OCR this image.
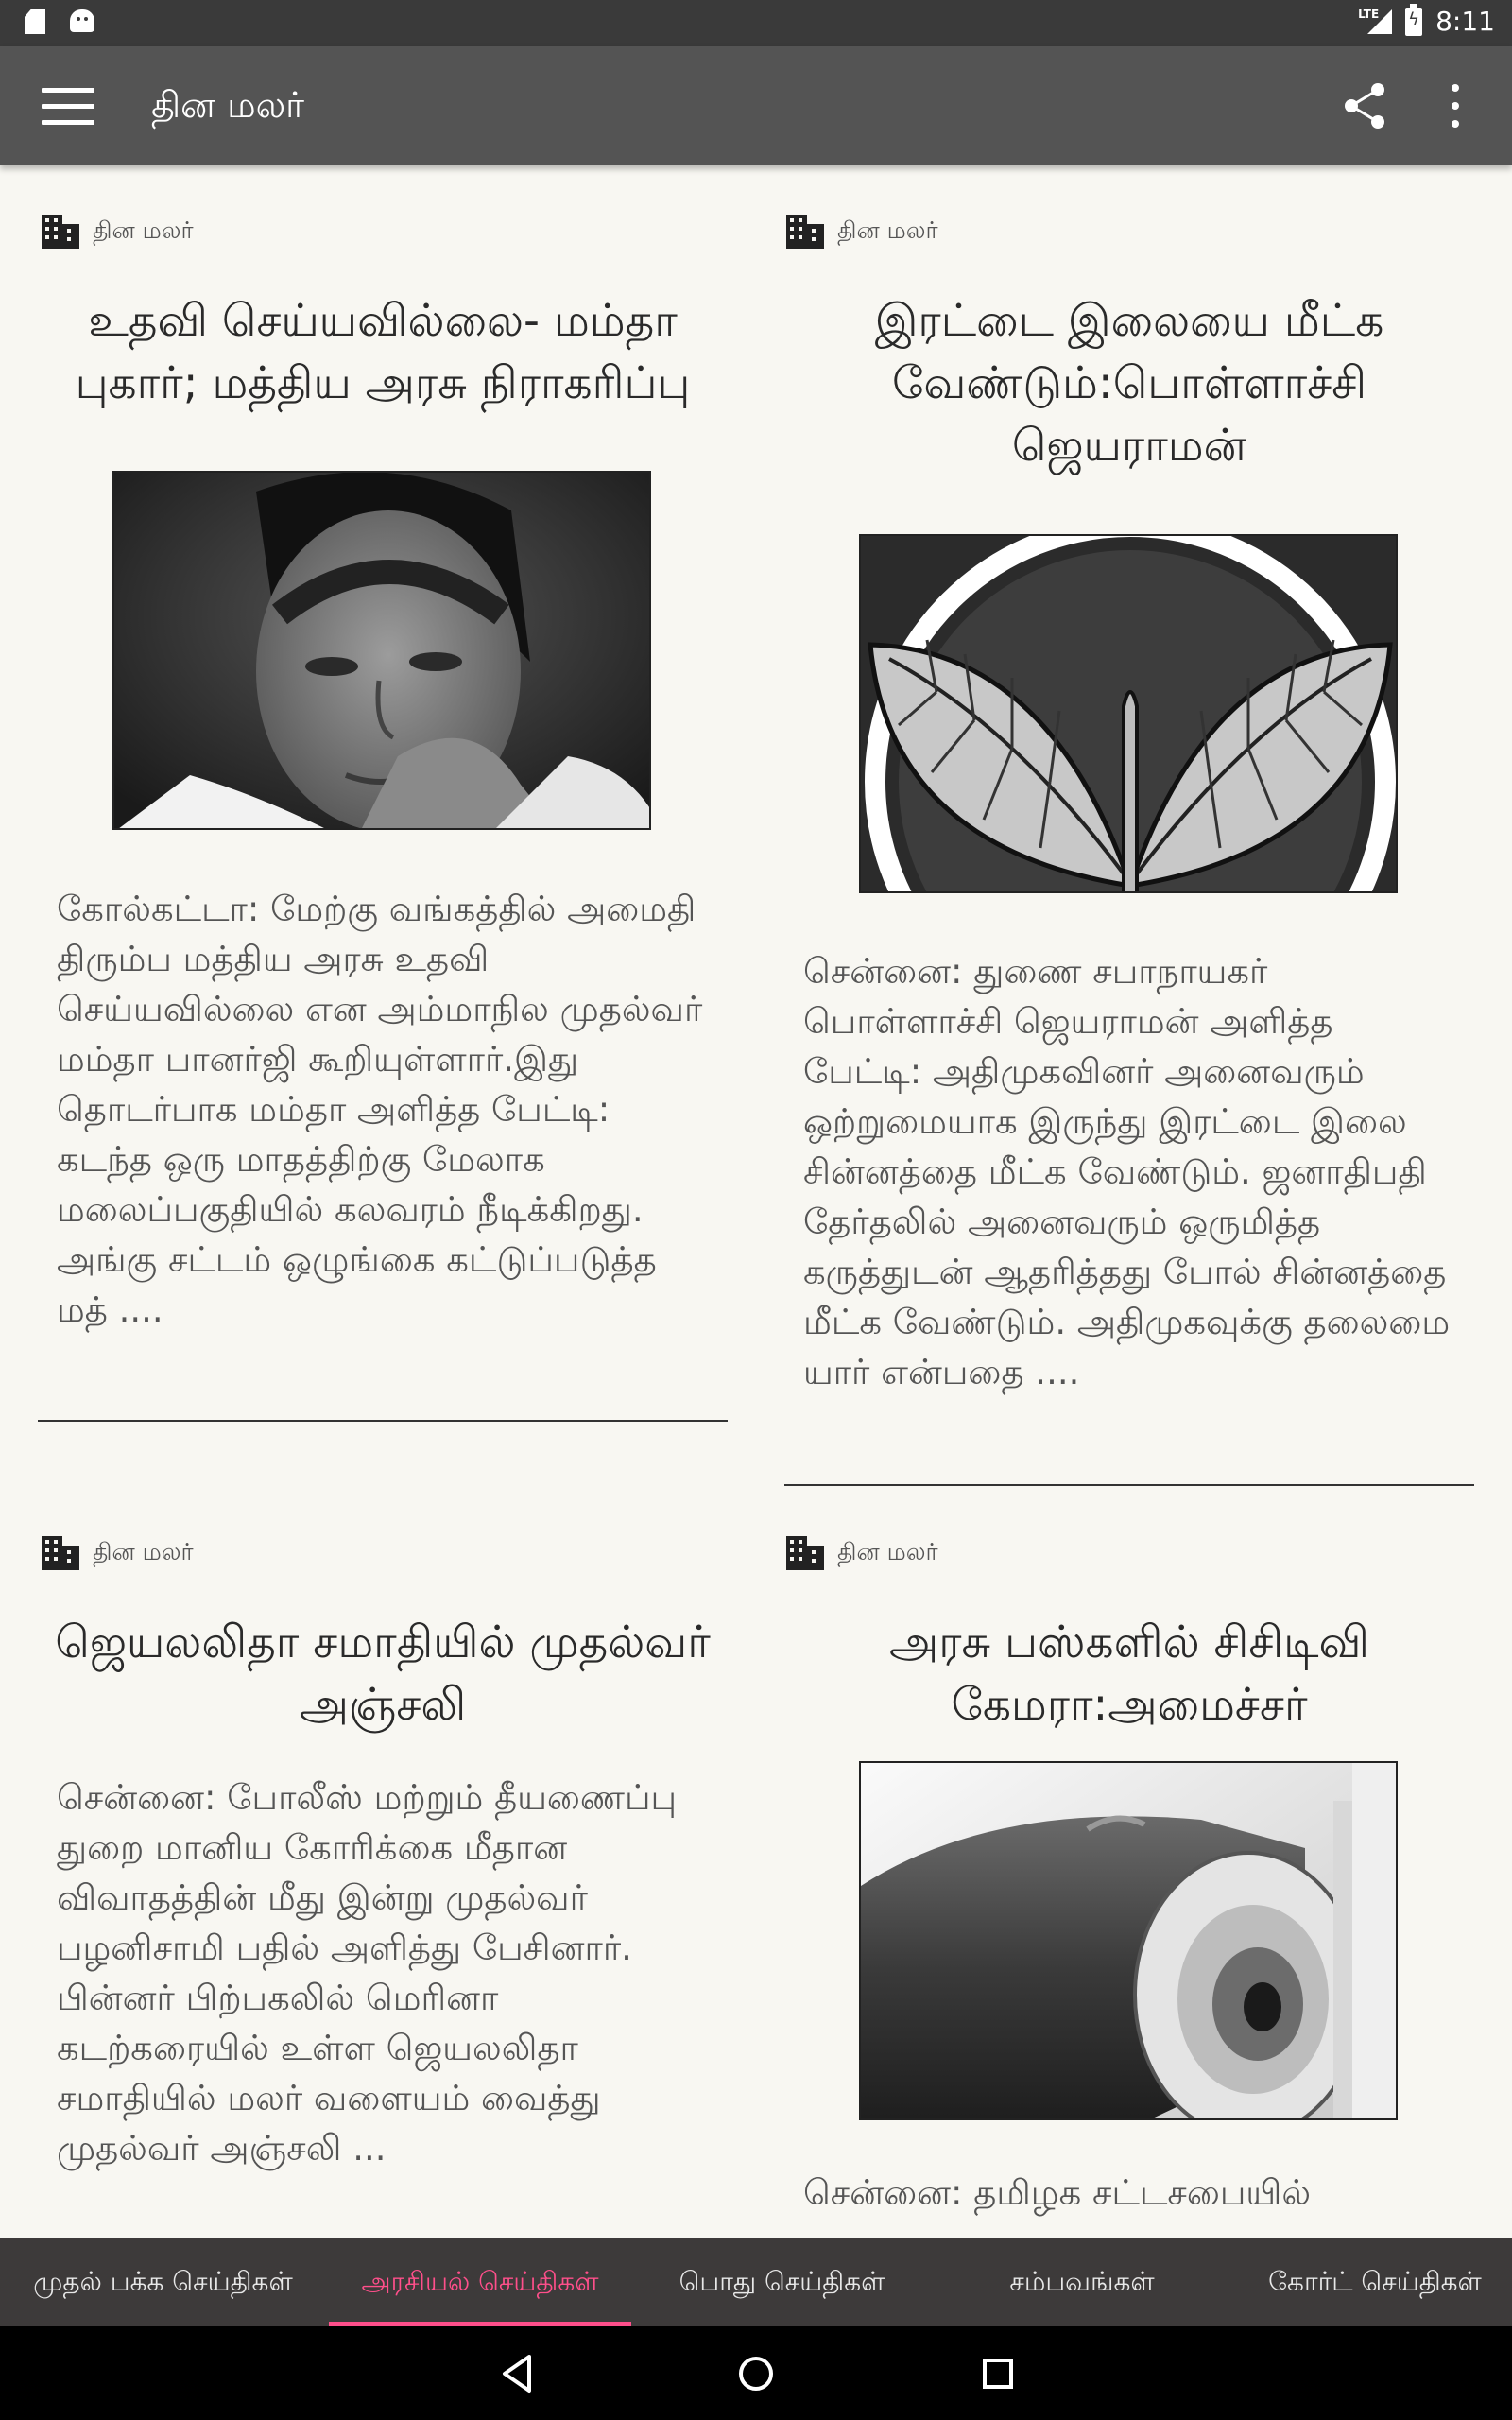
LTE
ϟ 8:11
தின மலர்
தின மலர்
உதவி செய்யவில்லை- மம்தா புகார்; மத்திய அரசு நிராகரிப்பு

கோல்கட்டா: மேற்கு வங்கத்தில் அமைதி திரும்ப மத்திய அரசு உதவி செய்யவில்லை என அம்மாநில முதல்வர் மம்தா பானர்ஜி கூறியுள்ளார்.இது தொடர்பாக மம்தா அளித்த பேட்டி: கடந்த ஒரு மாதத்திற்கு மேலாக மலைப்பகுதியில் கலவரம் நீடிக்கிறது. அங்கு சட்டம் ஒழுங்கை கட்டுப்படுத்த மத் ....

தின மலர்
இரட்டை இலையை மீட்க வேண்டும்:பொள்ளாச்சி ஜெயராமன்

சென்னை: துணை சபாநாயகர் பொள்ளாச்சி ஜெயராமன் அளித்த பேட்டி: அதிமுகவினர் அனைவரும் ஒற்றுமையாக இருந்து இரட்டை இலை சின்னத்தை மீட்க வேண்டும். ஜனாதிபதி தேர்தலில் அனைவரும் ஒருமித்த கருத்துடன் ஆதரித்தது போல் சின்னத்தை மீட்க வேண்டும். அதிமுகவுக்கு தலைமை யார் என்பதை ....

தின மலர்
ஜெயலலிதா சமாதியில் முதல்வர் அஞ்சலி

சென்னை: போலீஸ் மற்றும் தீயணைப்பு துறை மானிய கோரிக்கை மீதான விவாதத்தின் மீது இன்று முதல்வர் பழனிசாமி பதில் அளித்து பேசினார். பின்னர் பிற்பகலில் மெரினா கடற்கரையில் உள்ள ஜெயலலிதா சமாதியில் மலர் வளையம் வைத்து முதல்வர் அஞ்சலி ...

தின மலர்
அரசு பஸ்களில் சிசிடிவி கேமரா:அமைச்சர்

சென்னை: தமிழக சட்டசபையில்

முதல் பக்க செய்திகள்	அரசியல் செய்திகள்	பொது செய்திகள்	சம்பவங்கள்	கோர்ட் செய்திகள்
